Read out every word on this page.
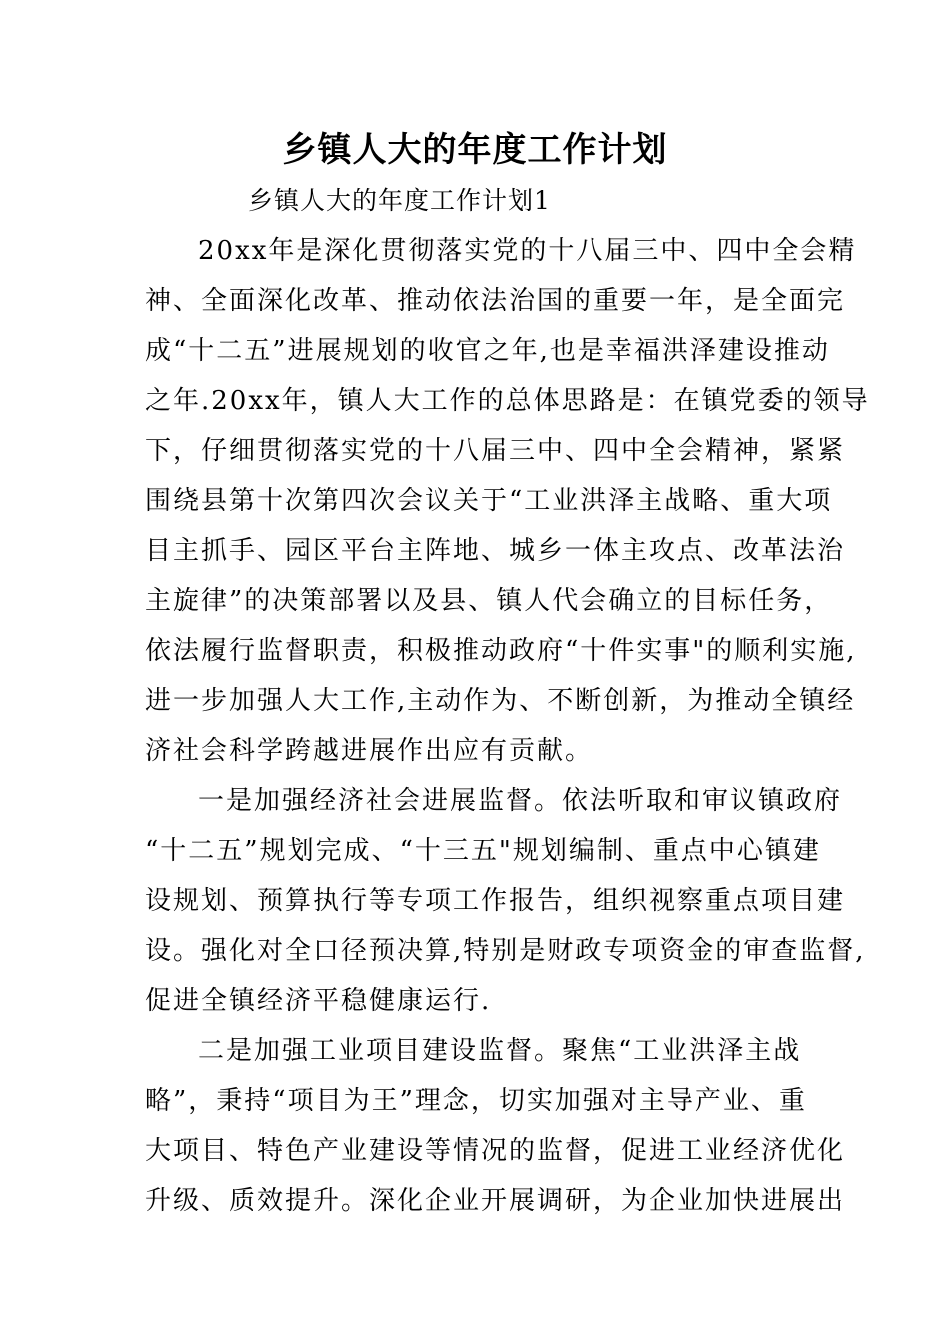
乡镇人大的年度工作计划
乡镇人大的年度工作计划1
20xx年是深化贯彻落实党的十八届三中、四中全会精
神、全面深化改革、推动依法治国的重要一年，是全面完
成“十二五”进展规划的收官之年,也是幸福洪泽建设推动
之年.20xx年，镇人大工作的总体思路是：在镇党委的领导
下，仔细贯彻落实党的十八届三中、四中全会精神，紧紧
围绕县第十次第四次会议关于“工业洪泽主战略、重大项
目主抓手、园区平台主阵地、城乡一体主攻点、改革法治
主旋律”的决策部署以及县、镇人代会确立的目标任务，
依法履行监督职责，积极推动政府“十件实事"的顺利实施,
进一步加强人大工作,主动作为、不断创新，为推动全镇经
济社会科学跨越进展作出应有贡献。
一是加强经济社会进展监督。依法听取和审议镇政府
“十二五”规划完成、“十三五"规划编制、重点中心镇建
设规划、预算执行等专项工作报告，组织视察重点项目建
设。强化对全口径预决算,特别是财政专项资金的审查监督,
促进全镇经济平稳健康运行.
二是加强工业项目建设监督。聚焦“工业洪泽主战
略”，秉持“项目为王”理念，切实加强对主导产业、重
大项目、特色产业建设等情况的监督，促进工业经济优化
升级、质效提升。深化企业开展调研，为企业加快进展出
